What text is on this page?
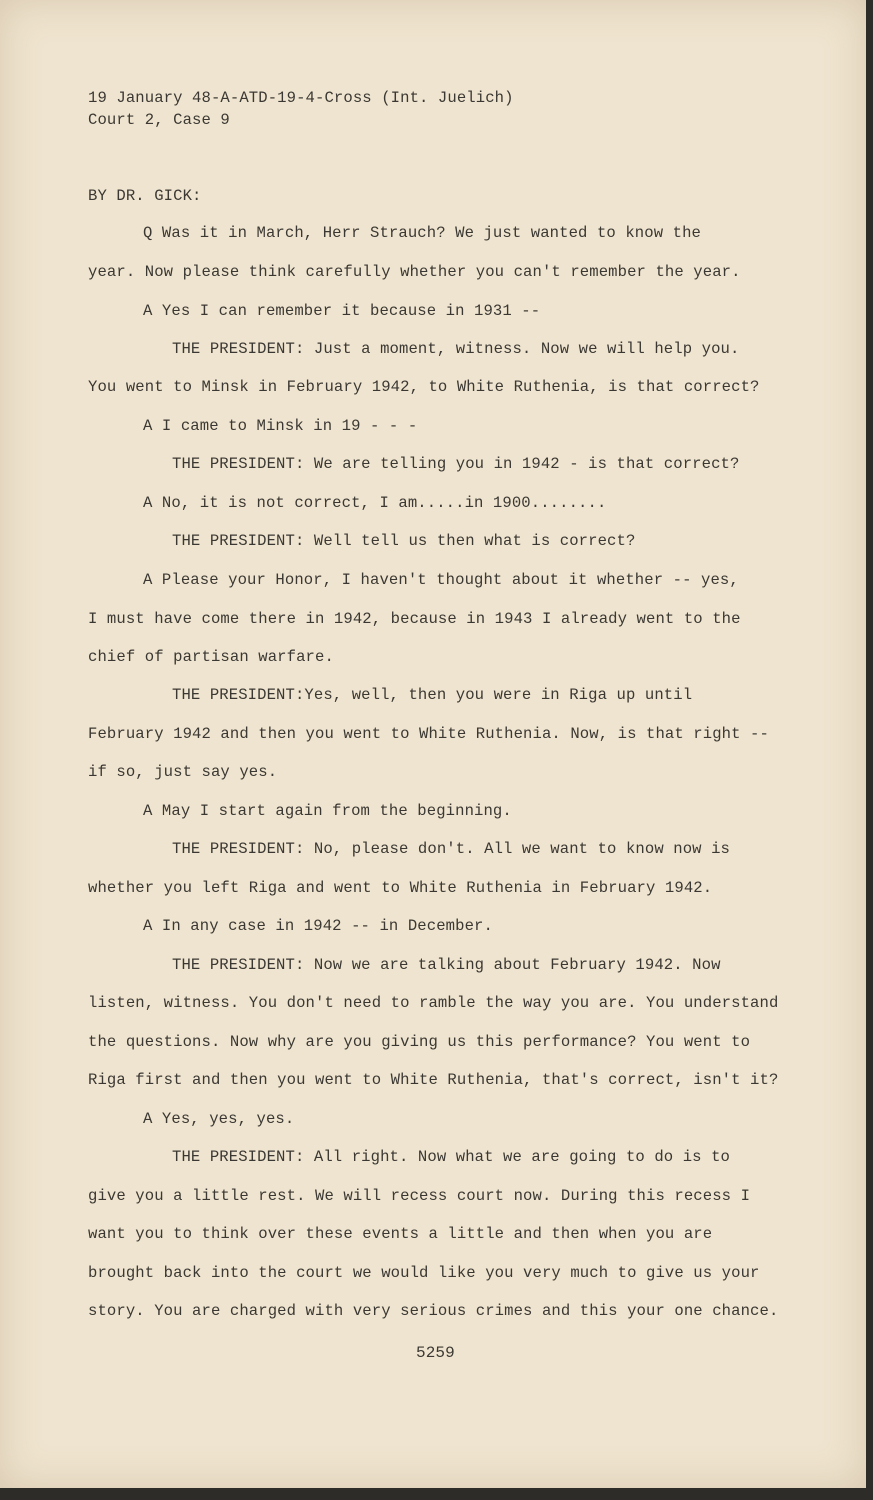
19 January 48-A-ATD-19-4-Cross (Int. Juelich)
Court 2, Case 9
BY DR. GICK:
Q Was it in March, Herr Strauch? We just wanted to know the
year. Now please think carefully whether you can't remember the year.
A Yes I can remember it because in 1931 --
THE PRESIDENT: Just a moment, witness. Now we will help you.
You went to Minsk in February 1942, to White Ruthenia, is that correct?
A I came to Minsk in 19 - - -
THE PRESIDENT: We are telling you in 1942 - is that correct?
A No, it is not correct, I am.....in 1900........
THE PRESIDENT: Well tell us then what is correct?
A Please your Honor, I haven't thought about it whether -- yes,
I must have come there in 1942, because in 1943 I already went to the
chief of partisan warfare.
THE PRESIDENT:Yes, well, then you were in Riga up until
February 1942 and then you went to White Ruthenia. Now, is that right --
if so, just say yes.
A May I start again from the beginning.
THE PRESIDENT: No, please don't. All we want to know now is
whether you left Riga and went to White Ruthenia in February 1942.
A In any case in 1942 -- in December.
THE PRESIDENT: Now we are talking about February 1942. Now
listen, witness. You don't need to ramble the way you are. You understand
the questions. Now why are you giving us this performance? You went to
Riga first and then you went to White Ruthenia, that's correct, isn't it?
A Yes, yes, yes.
THE PRESIDENT: All right. Now what we are going to do is to
give you a little rest. We will recess court now. During this recess I
want you to think over these events a little and then when you are
brought back into the court we would like you very much to give us your
story. You are charged with very serious crimes and this your one chance.
5259
